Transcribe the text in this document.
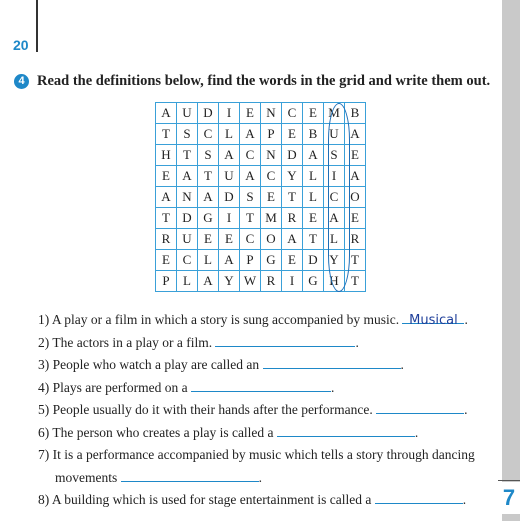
20
7
4 Read the definitions below, find the words in the grid and write them out.
A	U	D	I	E	N	C	E	M	B
T	S	C	L	A	P	E	B	U	A
H	T	S	A	C	N	D	A	S	E
E	A	T	U	A	C	Y	L	I	A
A	N	A	D	S	E	T	L	C	O
T	D	G	I	T	M	R	E	A	E
R	U	E	E	C	O	A	T	L	R
E	C	L	A	P	G	E	D	Y	T
P	L	A	Y	W	R	I	G	H	T
1) A play or a film in which a story is sung accompanied by music. Musical .
2) The actors in a play or a film.	.
3) People who watch a play are called an	.
4) Plays are performed on a	.
5) People usually do it with their hands after the performance.	.
6) The person who creates a play is called a	.
7) It is a performance accompanied by music which tells a story through dancing
movements	.
8) A building which is used for stage entertainment is called a	.
